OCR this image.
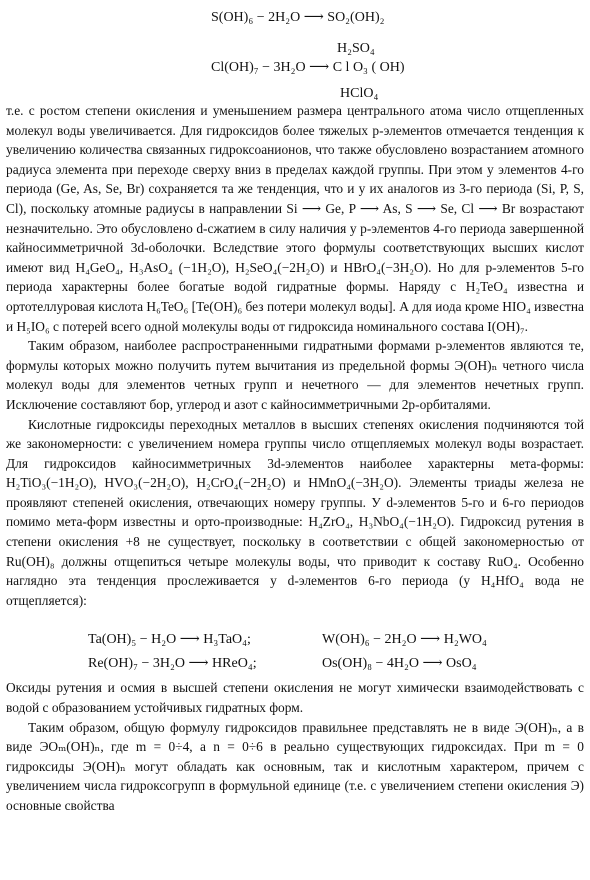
S(OH)₆ − 2H₂O ⟶ SO₂(OH)₂
H₂SO₄
Cl(OH)₇ − 3H₂O ⟶ C l O₃ ( OH)
HClO₄

т.е. с ростом степени окисления и уменьшением размера центрального атома число отщепленных молекул воды увеличивается. Для гидроксидов более тяжелых p-элементов отмечается тенденция к увеличению количества связанных гидроксоанионов, что также обусловлено возрастанием атомного радиуса элемента при переходе сверху вниз в пределах каждой группы. При этом у элементов 4-го периода (Ge, As, Se, Br) сохраняется та же тенденция, что и у их аналогов из 3-го периода (Si, P, S, Cl), поскольку атомные радиусы в направлении Si ⟶ Ge, P ⟶ As, S ⟶ Se, Cl ⟶ Br возрастают незначительно. Это обусловлено d-сжатием в силу наличия у p-элементов 4-го периода завершенной кайносимметричной 3d-оболочки. Вследствие этого формулы соответствующих высших кислот имеют вид H₄GeO₄, H₃AsO₄ (−1H₂O), H₂SeO₄(−2H₂O) и HBrO₄(−3H₂O). Но для p-элементов 5-го периода характерны более богатые водой гидратные формы. Наряду с H₂TeO₄ известна и ортотеллуровая кислота H₆TeO₆ [Te(OH)₆ без потери молекул воды]. А для иода кроме HIO₄ известна и H₅IO₆ с потерей всего одной молекулы воды от гидроксида номинального состава I(OH)₇.

Таким образом, наиболее распространенными гидратными формами p-элементов являются те, формулы которых можно получить путем вычитания из предельной формы Э(OH)ₙ четного числа молекул воды для элементов четных групп и нечетного — для элементов нечетных групп. Исключение составляют бор, углерод и азот с кайносимметричными 2p-орбиталями.

Кислотные гидроксиды переходных металлов в высших степенях окисления подчиняются той же закономерности: с увеличением номера группы число отщепляемых молекул воды возрастает. Для гидроксидов кайносимметричных 3d-элементов наиболее характерны мета-формы: H₂TiO₃(−1H₂O), HVO₃(−2H₂O), H₂CrO₄(−2H₂O) и HMnO₄(−3H₂O). Элементы триады железа не проявляют степеней окисления, отвечающих номеру группы. У d-элементов 5-го и 6-го периодов помимо мета-форм известны и орто-производные: H₄ZrO₄, H₃NbO₄(−1H₂O). Гидроксид рутения в степени окисления +8 не существует, поскольку в соответствии с общей закономерностью от Ru(OH)₈ должны отщепиться четыре молекулы воды, что приводит к составу RuO₄. Особенно наглядно эта тенденция прослеживается у d-элементов 6-го периода (у H₄HfO₄ вода не отщепляется):

Ta(OH)₅ − H₂O ⟶ H₃TaO₄;	W(OH)₆ − 2H₂O ⟶ H₂WO₄
Re(OH)₇ − 3H₂O ⟶ HReO₄;	Os(OH)₈ − 4H₂O ⟶ OsO₄

Оксиды рутения и осмия в высшей степени окисления не могут химически взаимодействовать с водой с образованием устойчивых гидратных форм.

Таким образом, общую формулу гидроксидов правильнее представлять не в виде Э(OH)ₙ, а в виде ЭOₘ(OH)ₙ, где m = 0÷4, а n = 0÷6 в реально существующих гидроксидах. При m = 0 гидроксиды Э(OH)ₙ могут обладать как основным, так и кислотным характером, причем с увеличением числа гидроксогрупп в формульной единице (т.е. с увеличением степени окисления Э) основные свойства
